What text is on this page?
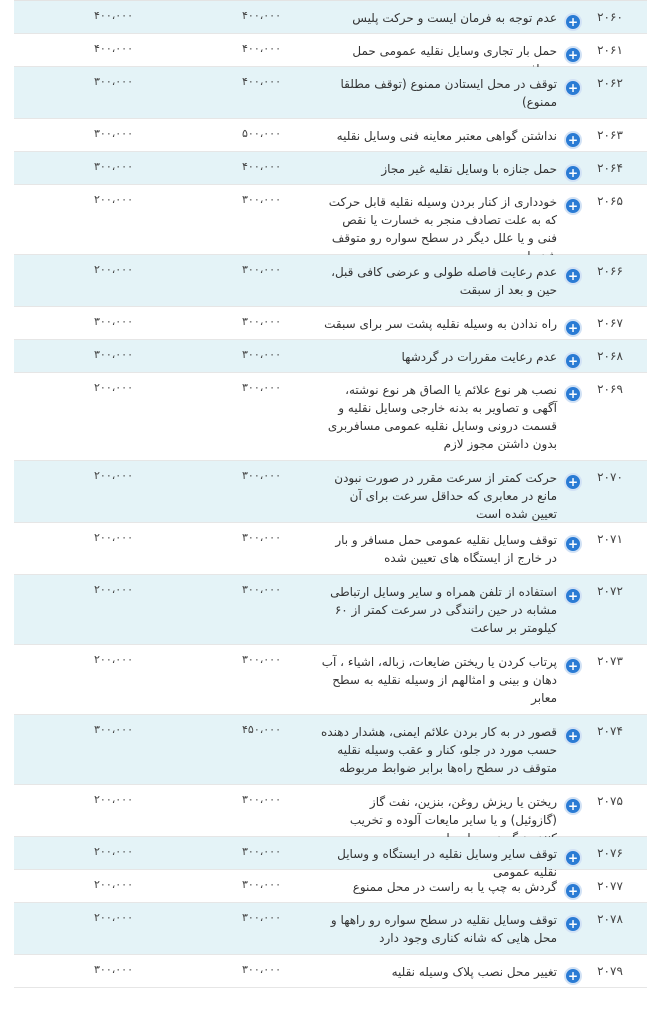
۲۰۶۰
+
عدم توجه به فرمان ایست و حرکت پلیس
۴۰۰،۰۰۰
۴۰۰،۰۰۰
۲۰۶۱
+
حمل بار تجاری وسایل نقلیه عمومی حمل
۴۰۰،۰۰۰
۴۰۰،۰۰۰
۲۰۶۲
+
توقف در محل ایستادن ممنوع (توقف مطلقا ممنوع)
۴۰۰،۰۰۰
۳۰۰،۰۰۰
۲۰۶۳
+
نداشتن گواهی معتبر معاینه فنی وسایل نقلیه
۵۰۰،۰۰۰
۳۰۰،۰۰۰
۲۰۶۴
+
حمل جنازه با وسایل نقلیه غیر مجاز
۴۰۰،۰۰۰
۳۰۰،۰۰۰
۲۰۶۵
+
خودداری از کنار بردن وسیله نقلیه قابل حرکت که به علت تصادف منجر به خسارت یا نقص فنی و یا علل دیگر در سطح سواره رو متوقف
۳۰۰،۰۰۰
۲۰۰،۰۰۰
۲۰۶۶
+
عدم رعایت فاصله طولی و عرضی کافی قبل، حین و بعد از سبقت
۳۰۰،۰۰۰
۲۰۰،۰۰۰
۲۰۶۷
+
راه ندادن به وسیله نقلیه پشت سر برای سبقت
۳۰۰،۰۰۰
۳۰۰،۰۰۰
۲۰۶۸
+
عدم رعایت مقررات در گردشها
۳۰۰،۰۰۰
۳۰۰،۰۰۰
۲۰۶۹
+
نصب هر نوع علائم یا الصاق هر نوع نوشته، آگهی و تصاویر به بدنه خارجی وسایل نقلیه و قسمت درونی وسایل نقلیه عمومی مسافربری بدون داشتن مجوز لازم
۳۰۰،۰۰۰
۲۰۰،۰۰۰
۲۰۷۰
+
حرکت کمتر از سرعت مقرر در صورت نبودن مانع در معابری که حداقل سرعت برای آن تعیین شده است
۳۰۰،۰۰۰
۲۰۰،۰۰۰
۲۰۷۱
+
توقف وسایل نقلیه عمومی حمل مسافر و بار در خارج از ایستگاه های تعیین شده
۳۰۰،۰۰۰
۲۰۰،۰۰۰
۲۰۷۲
+
استفاده از تلفن همراه و سایر وسایل ارتباطی مشابه در حین رانندگی در سرعت کمتر از ۶۰ کیلومتر بر ساعت
۳۰۰،۰۰۰
۲۰۰،۰۰۰
۲۰۷۳
+
پرتاب کردن یا ریختن ضایعات، زباله، اشیاء ، آب دهان و بینی و امثالهم از وسیله نقلیه به سطح معابر
۳۰۰،۰۰۰
۲۰۰،۰۰۰
۲۰۷۴
+
قصور در به کار بردن علائم ایمنی، هشدار دهنده حسب مورد در جلو، کنار و عقب وسیله نقلیه متوقف در سطح راه‌ها برابر ضوابط مربوطه
۴۵۰،۰۰۰
۳۰۰،۰۰۰
۲۰۷۵
+
ریختن یا ریزش روغن، بنزین، نفت گاز (گازوئیل) و یا سایر مایعات آلوده و تخریب
۳۰۰،۰۰۰
۲۰۰،۰۰۰
۲۰۷۶
+
توقف سایر وسایل نقلیه در ایستگاه و وسایل نقلیه عمومی
۳۰۰،۰۰۰
۲۰۰،۰۰۰
۲۰۷۷
+
گردش به چپ یا به راست در محل ممنوع
۳۰۰،۰۰۰
۲۰۰،۰۰۰
۲۰۷۸
+
توقف وسایل نقلیه در سطح سواره رو راهها و محل هایی که شانه کناری وجود دارد
۳۰۰،۰۰۰
۲۰۰،۰۰۰
۲۰۷۹
+
تغییر محل نصب پلاک وسیله نقلیه
۳۰۰،۰۰۰
۳۰۰،۰۰۰
